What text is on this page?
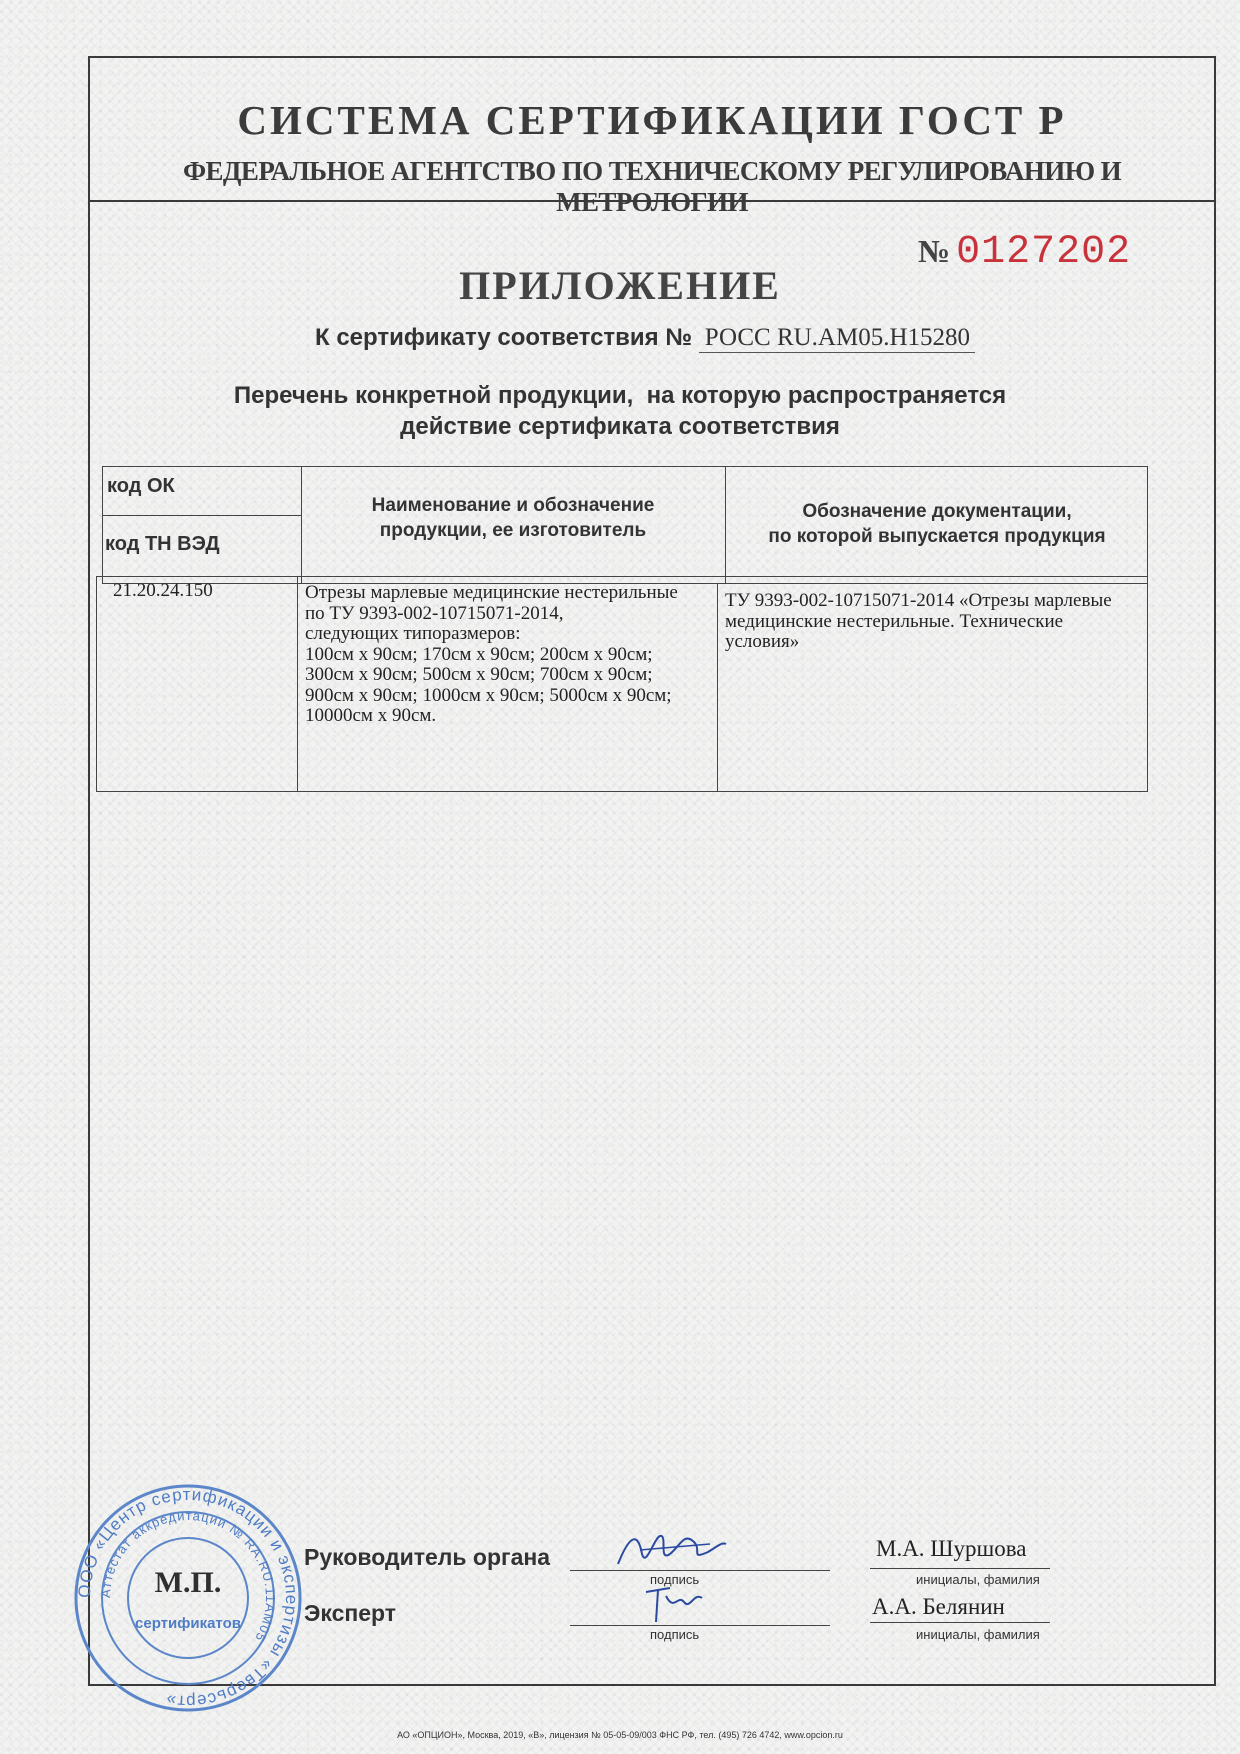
СИСТЕМА СЕРТИФИКАЦИИ ГОСТ Р
ФЕДЕРАЛЬНОЕ АГЕНТСТВО ПО ТЕХНИЧЕСКОМУ РЕГУЛИРОВАНИЮ И МЕТРОЛОГИИ
№ 0127202
ПРИЛОЖЕНИЕ
К сертификату соответствия № РОСС RU.АМ05.Н15280
Перечень конкретной продукции,  на которую распространяется
действие сертификата соответствия
код ОК
код ТН ВЭД
Наименование и обозначение
продукции, ее изготовитель
Обозначение документации,
по которой выпускается продукция
21.20.24.150	Отрезы марлевые медицинские нестерильные по ТУ 9393-002-10715071-2014,
следующих типоразмеров:
100см х 90см; 170см х 90см; 200см х 90см; 300см х 90см; 500см х 90см; 700см х 90см;
900см х 90см; 1000см х 90см; 5000см х 90см; 10000см х 90см.
ТУ 9393-002-10715071-2014 «Отрезы марлевые медицинские нестерильные. Технические условия»
ООО «Центр сертификации и экспертизы «Тверьсерт»
Аттестат аккредитации № RA.RU.11АМ05
сертификатов
М.П.
Руководитель органа
Эксперт
подпись
подпись
инициалы, фамилия
инициалы, фамилия
М.А. Шуршова
А.А. Белянин
АО «ОПЦИОН», Москва, 2019, «В», лицензия № 05-05-09/003 ФНС РФ, тел. (495) 726 4742, www.opcion.ru
